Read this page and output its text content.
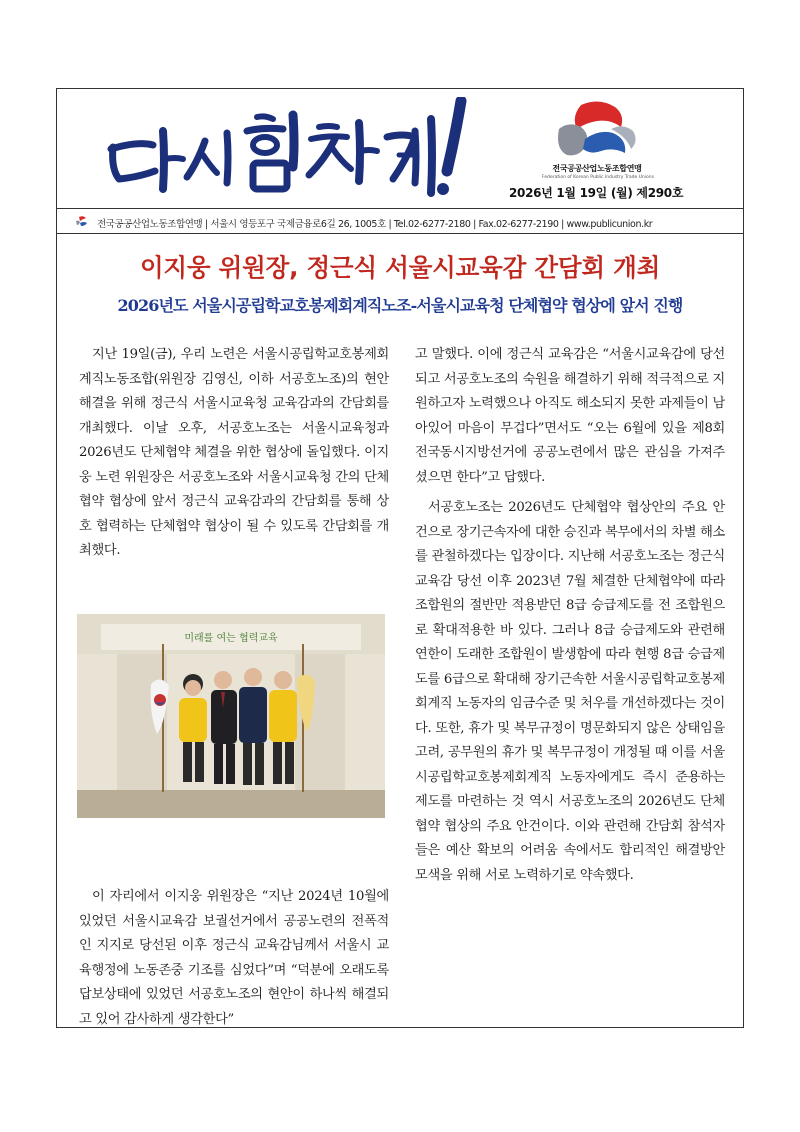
전국공공산업노동조합연맹
Federation of Korean Public Industry Trade Unions
2026년 1월 19일 (월) 제290호
전국공공산업노동조합연맹 | 서울시 영등포구 국제금융로6길 26, 1005호 | Tel.02-6277-2180 | Fax.02-6277-2190 | www.publicunion.kr
이지웅 위원장, 정근식 서울시교육감 간담회 개최
2026년도 서울시공립학교호봉제회계직노조-서울시교육청 단체협약 협상에 앞서 진행

지난 19일(금), 우리 노련은 서울시공립학교호봉제회계직노동조합(위원장 김영신, 이하 서공호노조)의 현안 해결을 위해 정근식 서울시교육청 교육감과의 간담회를 개최했다. 이날 오후, 서공호노조는 서울시교육청과 2026년도 단체협약 체결을 위한 협상에 돌입했다. 이지웅 노련 위원장은 서공호노조와 서울시교육청 간의 단체협약 협상에 앞서 정근식 교육감과의 간담회를 통해 상호 협력하는 단체협약 협상이 될 수 있도록 간담회를 개최했다.

미래를 여는 협력교육

이 자리에서 이지웅 위원장은 “지난 2024년 10월에 있었던 서울시교육감 보궐선거에서 공공노련의 전폭적인 지지로 당선된 이후 정근식 교육감님께서 서울시 교육행정에 노동존중 기조를 심었다”며 “덕분에 오래도록 답보상태에 있었던 서공호노조의 현안이 하나씩 해결되고 있어 감사하게 생각한다”

고 말했다. 이에 정근식 교육감은 “서울시교육감에 당선되고 서공호노조의 숙원을 해결하기 위해 적극적으로 지원하고자 노력했으나 아직도 해소되지 못한 과제들이 남아있어 마음이 무겁다”면서도 “오는 6월에 있을 제8회 전국동시지방선거에 공공노련에서 많은 관심을 가져주셨으면 한다”고 답했다.

서공호노조는 2026년도 단체협약 협상안의 주요 안건으로 장기근속자에 대한 승진과 복무에서의 차별 해소를 관철하겠다는 입장이다. 지난해 서공호노조는 정근식 교육감 당선 이후 2023년 7월 체결한 단체협약에 따라 조합원의 절반만 적용받던 8급 승급제도를 전 조합원으로 확대적용한 바 있다. 그러나 8급 승급제도와 관련해 연한이 도래한 조합원이 발생함에 따라 현행 8급 승급제도를 6급으로 확대해 장기근속한 서울시공립학교호봉제회계직 노동자의 임금수준 및 처우를 개선하겠다는 것이다. 또한, 휴가 및 복무규정이 명문화되지 않은 상태임을 고려, 공무원의 휴가 및 복무규정이 개정될 때 이를 서울시공립학교호봉제회계직 노동자에게도 즉시 준용하는 제도를 마련하는 것 역시 서공호노조의 2026년도 단체협약 협상의 주요 안건이다. 이와 관련해 간담회 참석자들은 예산 확보의 어려움 속에서도 합리적인 해결방안 모색을 위해 서로 노력하기로 약속했다.
